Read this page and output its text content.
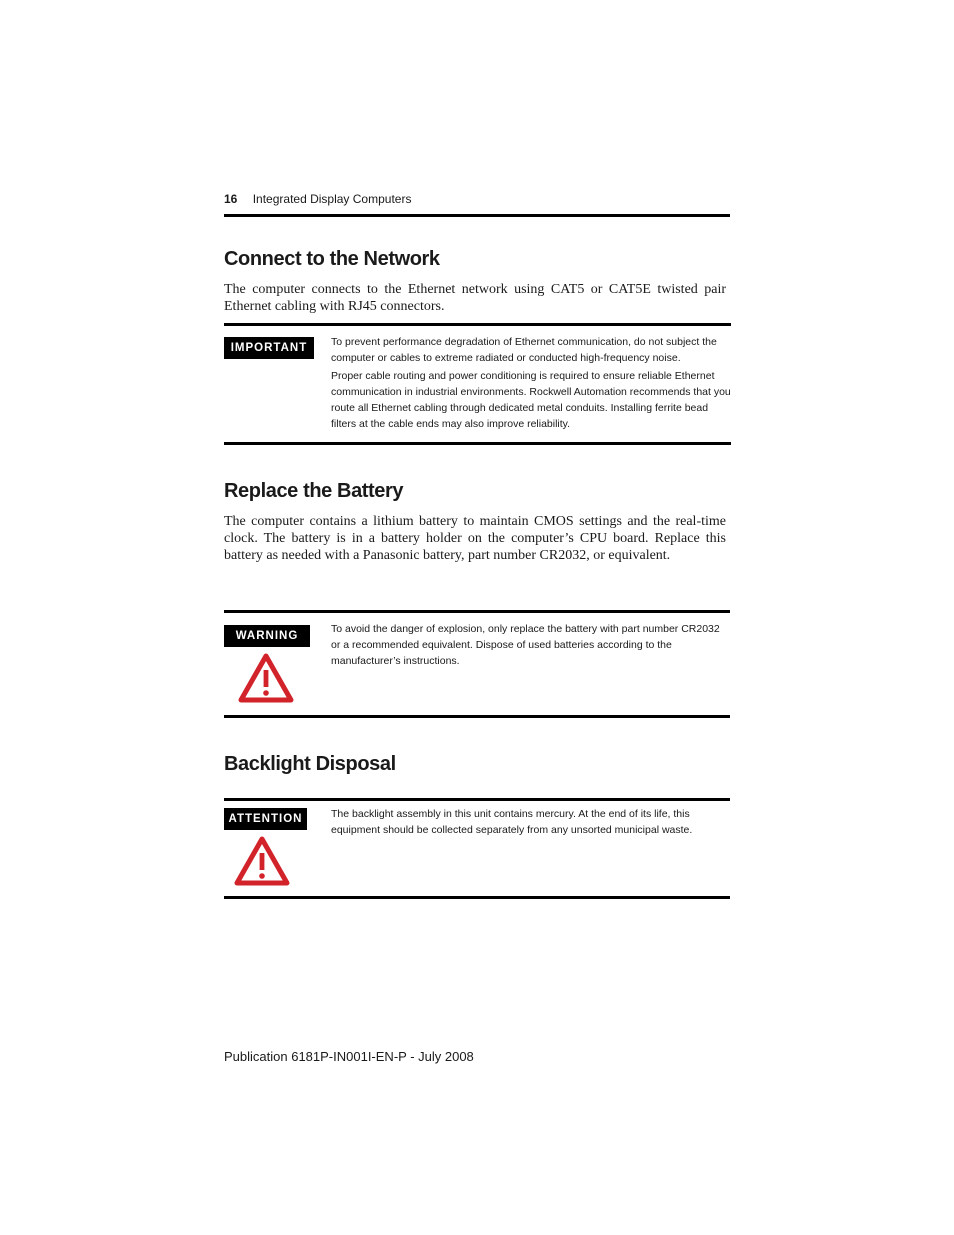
16 Integrated Display Computers
Connect to the Network

The computer connects to the Ethernet network using CAT5 or CAT5E twisted pair Ethernet cabling with RJ45 connectors.

IMPORTANT	To prevent performance degradation of Ethernet communication, do not subject the computer or cables to extreme radiated or conducted high-frequency noise.

Proper cable routing and power conditioning is required to ensure reliable Ethernet communication in industrial environments. Rockwell Automation recommends that you route all Ethernet cabling through dedicated metal conduits. Installing ferrite bead filters at the cable ends may also improve reliability.

Replace the Battery

The computer contains a lithium battery to maintain CMOS settings and the real-time clock. The battery is in a battery holder on the computer’s CPU board. Replace this battery as needed with a Panasonic battery, part number CR2032, or equivalent.

WARNING

To avoid the danger of explosion, only replace the battery with part number CR2032 or a recommended equivalent. Dispose of used batteries according to the manufacturer’s instructions.

Backlight Disposal
ATTENTION	The backlight assembly in this unit contains mercury. At the end of its life, this equipment should be collected separately from any unsorted municipal waste.

Publication 6181P-IN001I-EN-P - July 2008
